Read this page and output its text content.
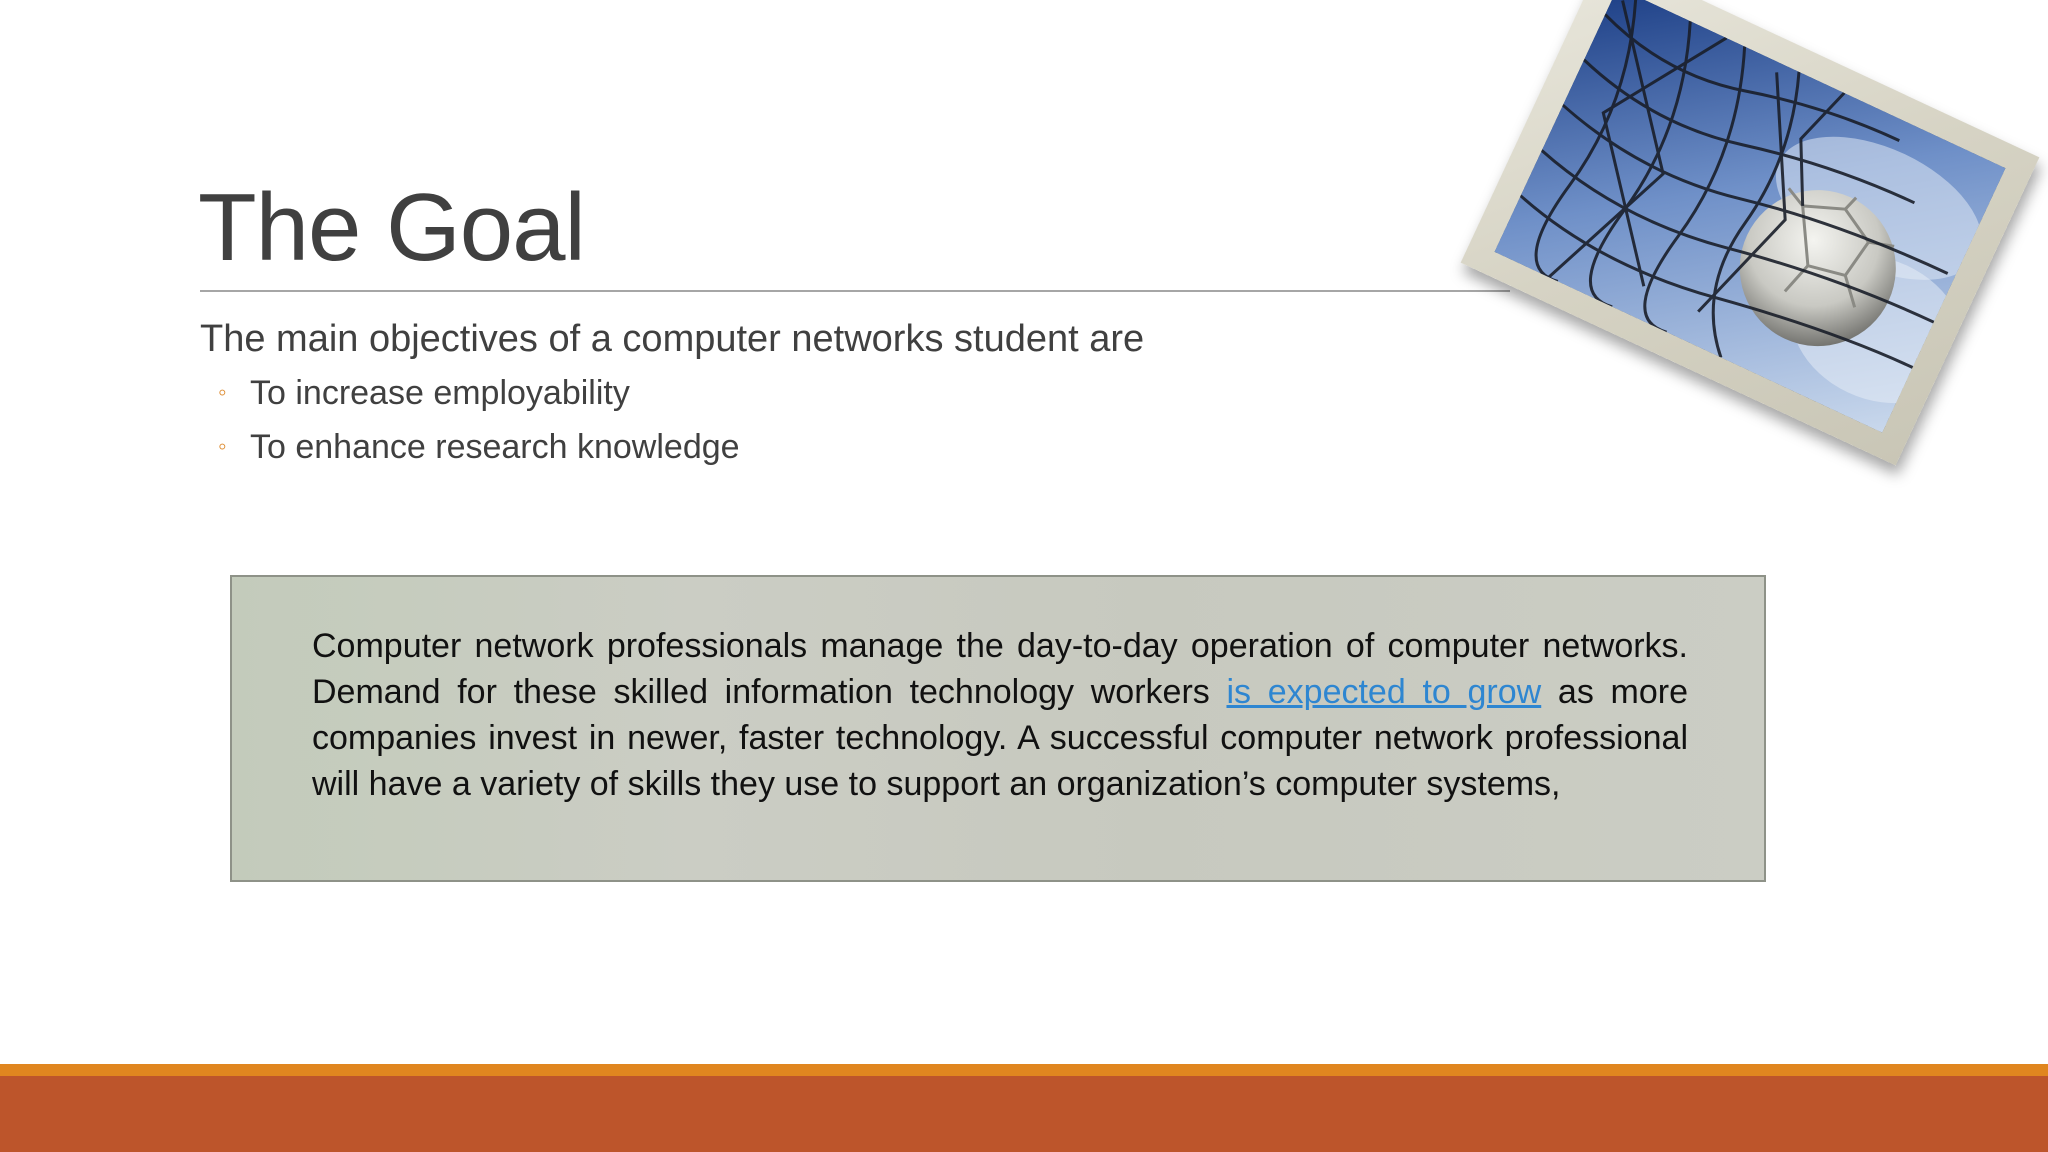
The Goal

The main objectives of a computer networks student are

◦ To increase employability
◦ To enhance research knowledge

Computer network professionals manage the day-to-day operation of computer networks. Demand for these skilled information technology workers is expected to grow as more companies invest in newer, faster technology. A successful computer network professional will have a variety of skills they use to support an organization’s computer systems,
